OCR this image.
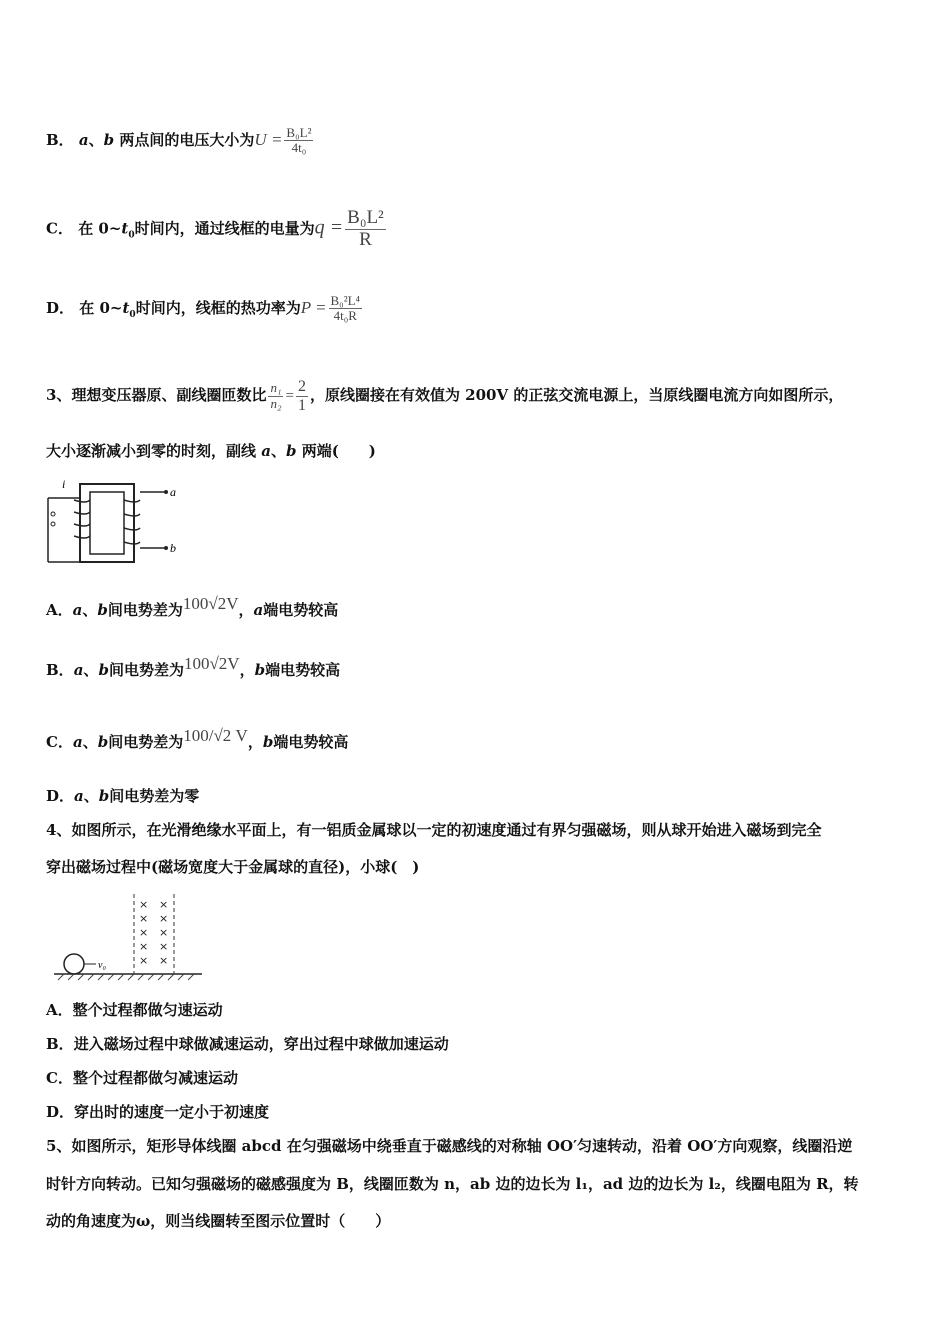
B． a、b 两点间的电压大小为$U = \frac{\text{B₀L²}}{\text{4t₀}}$
C． 在 $0\sim t_0$时间内，通过线框的电量为$q = \frac{\text{B₀L²}}{R}$
D． 在 $0\sim t_0$时间内，线框的热功率为$P = \frac{\text{B₀²L⁴}}{\text{4t₀R}}$
3、理想变压器原、副线圈匝数比 $\frac{\text{n₁}}{\text{n₂}} = \frac{2}{1}$ ，原线圈接在有效值为 200V 的正弦交流电源上，当原线圈电流方向如图所示，
大小逐渐减小到零的时刻，副线 a、b 两端(　　)
i
a
b
A．a、b间电势差为100√2V，a端电势较高
B．a、b间电势差为100√2V，b端电势较高
C．a、b间电势差为100/√2 V，b端电势较高
D．a、b间电势差为零
4、如图所示，在光滑绝缘水平面上，有一铝质金属球以一定的初速度通过有界匀强磁场，则从球开始进入磁场到完全
穿出磁场过程中(磁场宽度大于金属球的直径)，小球(　)
× ×
× ×
× ×
× ×
× ×
v₀
A．整个过程都做匀速运动
B．进入磁场过程中球做减速运动，穿出过程中球做加速运动
C．整个过程都做匀减速运动
D．穿出时的速度一定小于初速度
5、如图所示，矩形导体线圈 abcd 在匀强磁场中绕垂直于磁感线的对称轴 OO′匀速转动，沿着 OO′方向观察，线圈沿逆
时针方向转动。已知匀强磁场的磁感强度为 B，线圈匝数为 n，ab 边的边长为 l₁，ad 边的边长为 l₂，线圈电阻为 R，转
动的角速度为ω，则当线圈转至图示位置时（　　）
